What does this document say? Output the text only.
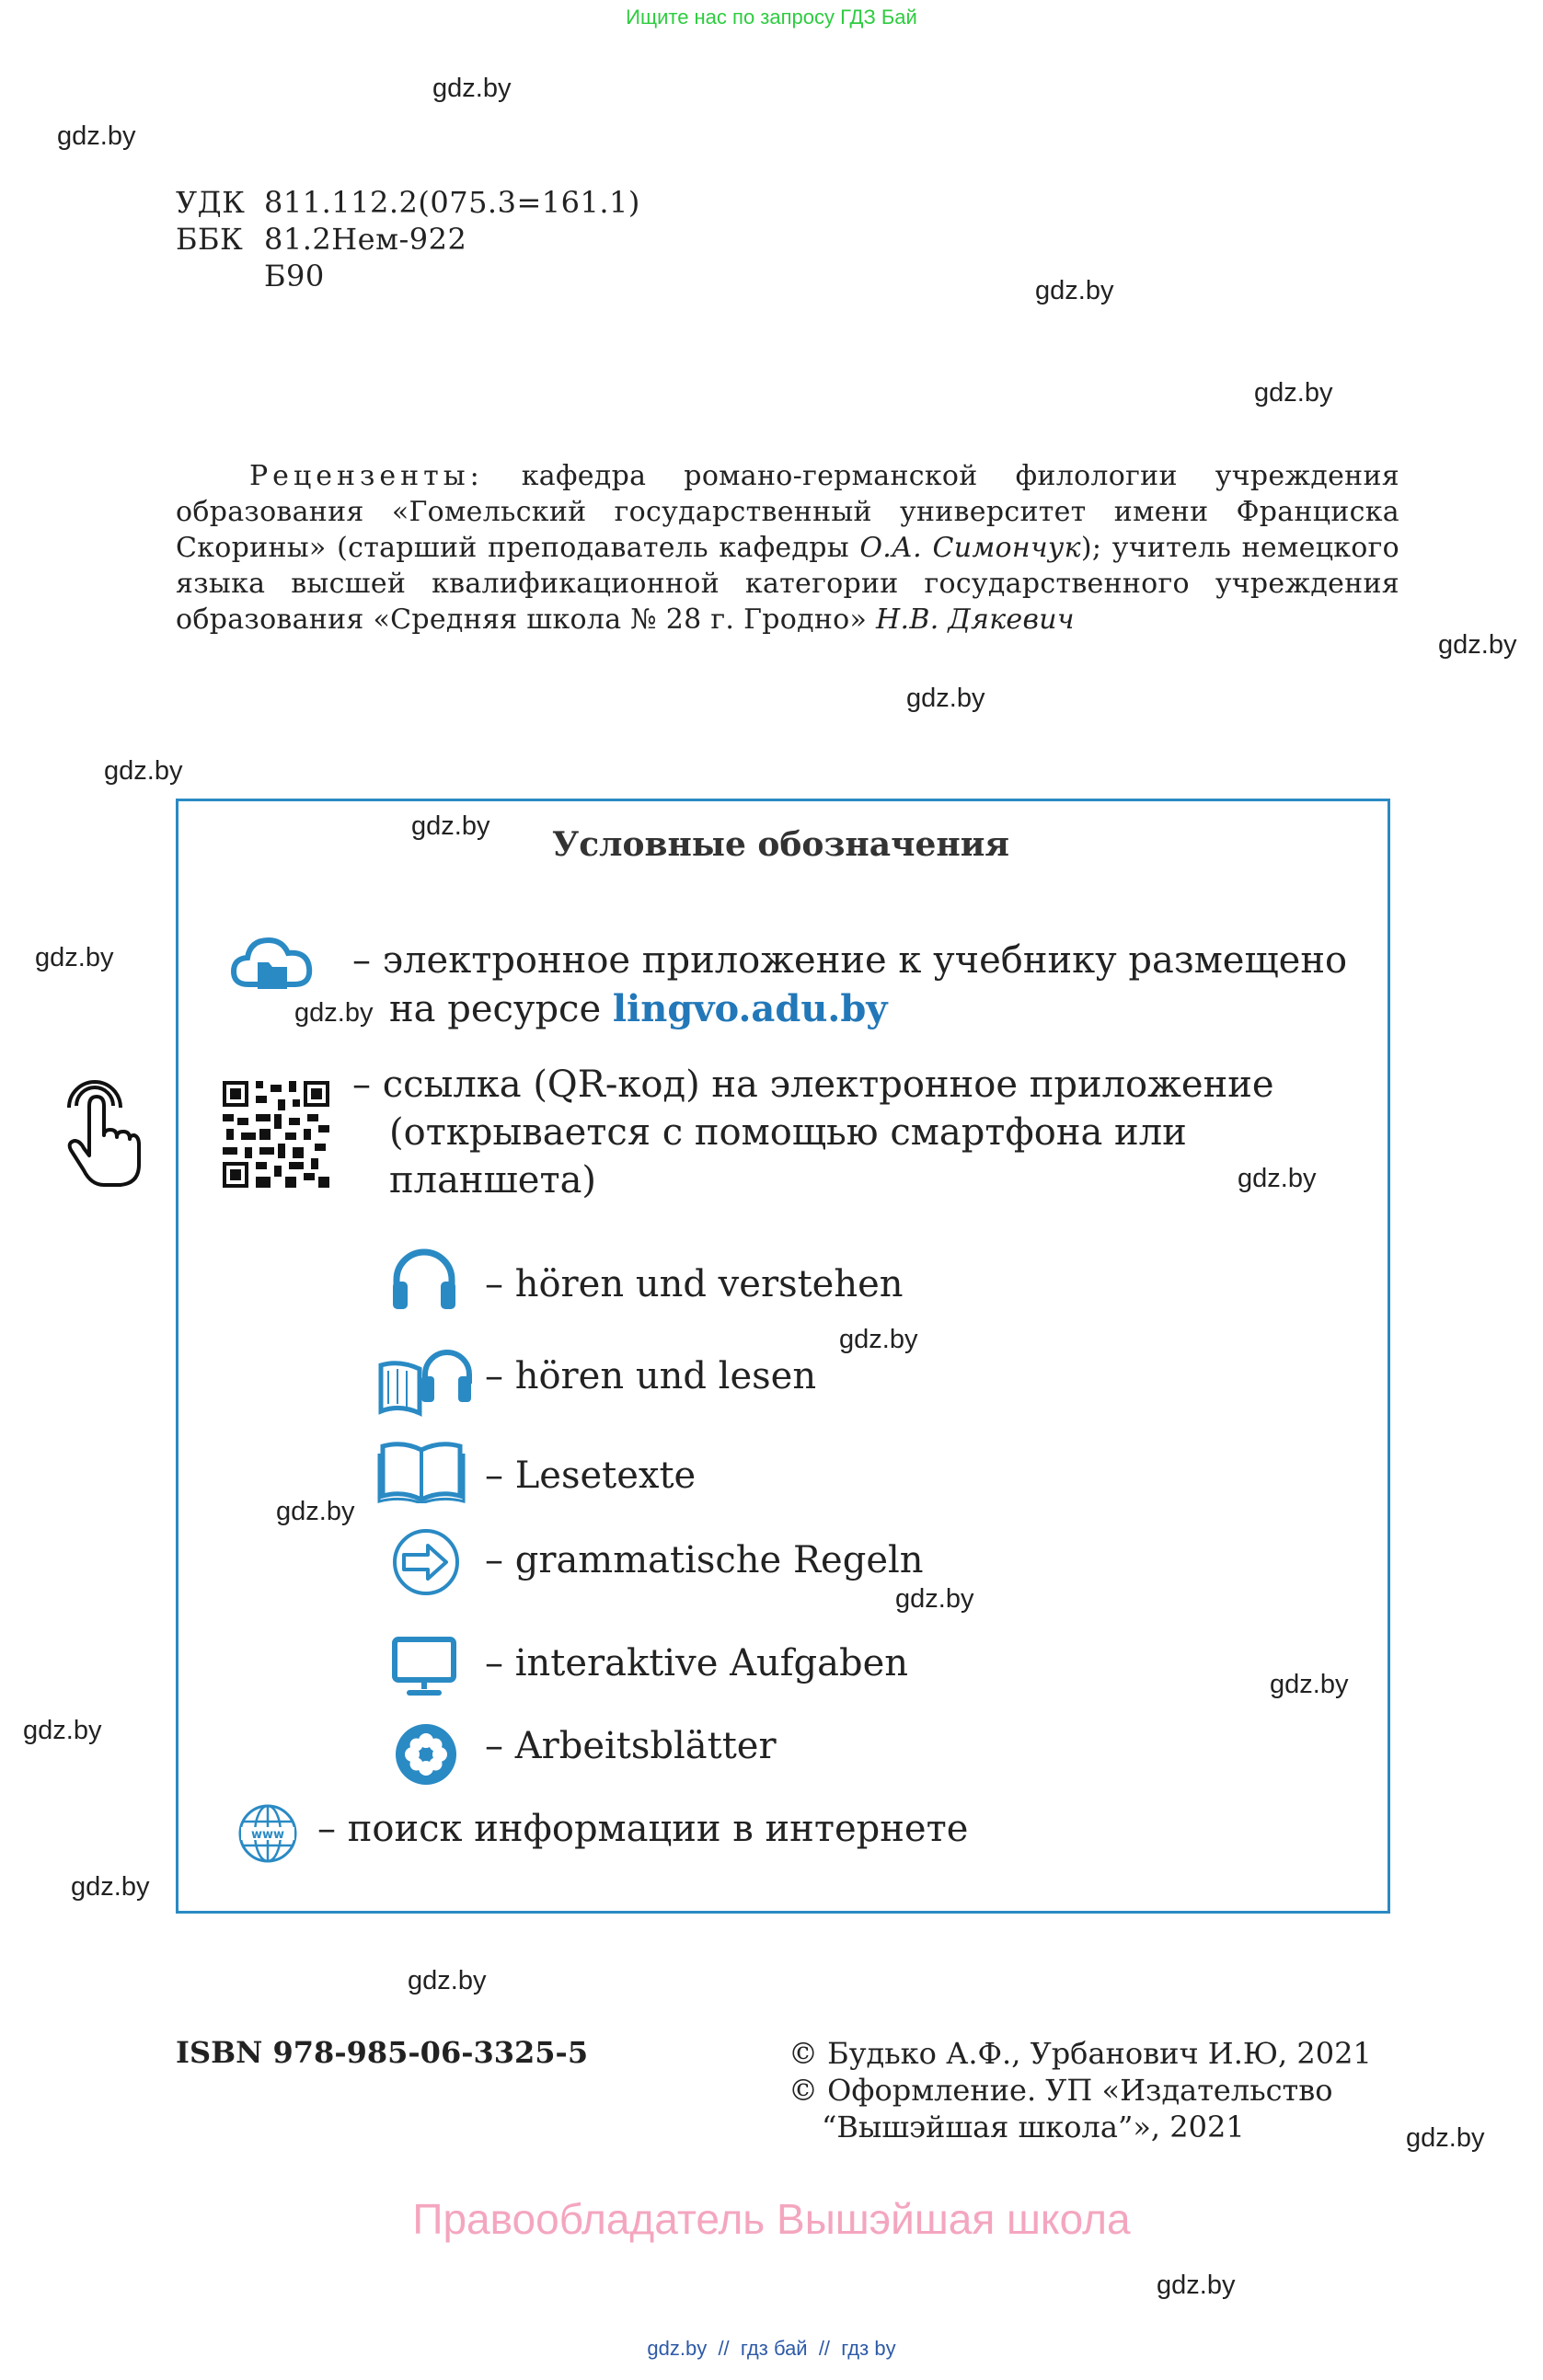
Ищите нас по запросу ГДЗ Бай
gdz.by
gdz.by
gdz.by
gdz.by
gdz.by
gdz.by
gdz.by
gdz.by
gdz.by
gdz.by
gdz.by
gdz.by
gdz.by
gdz.by
gdz.by
gdz.by
gdz.by
gdz.by
gdz.by
gdz.by
УДК 811.112.2(075.3=161.1)
ББК 81.2Нем-922
Б90
Рецензенты: кафедра романо-германской филологии учреждения образования «Гомельский государственный университет имени Франциска Скорины» (старший преподаватель кафедры О.А. Симончук); учитель немецкого языка высшей квалификационной категории государственного учреждения образования «Средняя школа № 28 г. Гродно» Н.В. Дякевич
Условные обозначения
– электронное приложение к учебнику размещено
на ресурсе lingvo.adu.by
– ссылка (QR-код) на электронное приложение
(открывается с помощью смартфона или
планшета)
– hören und verstehen
– hören und lesen
– Lesetexte
– grammatische Regeln
– interaktive Aufgaben
– Arbeitsblätter
www – поиск информации в интернете
ISBN 978-985-06-3325-5	© Будько А.Ф., Урбанович И.Ю, 2021
© Оформление. УП «Издательство
“Вышэйшая школа”», 2021
Правообладатель Вышэйшая школа
gdz.by  //  гдз бай  //  гдз by
